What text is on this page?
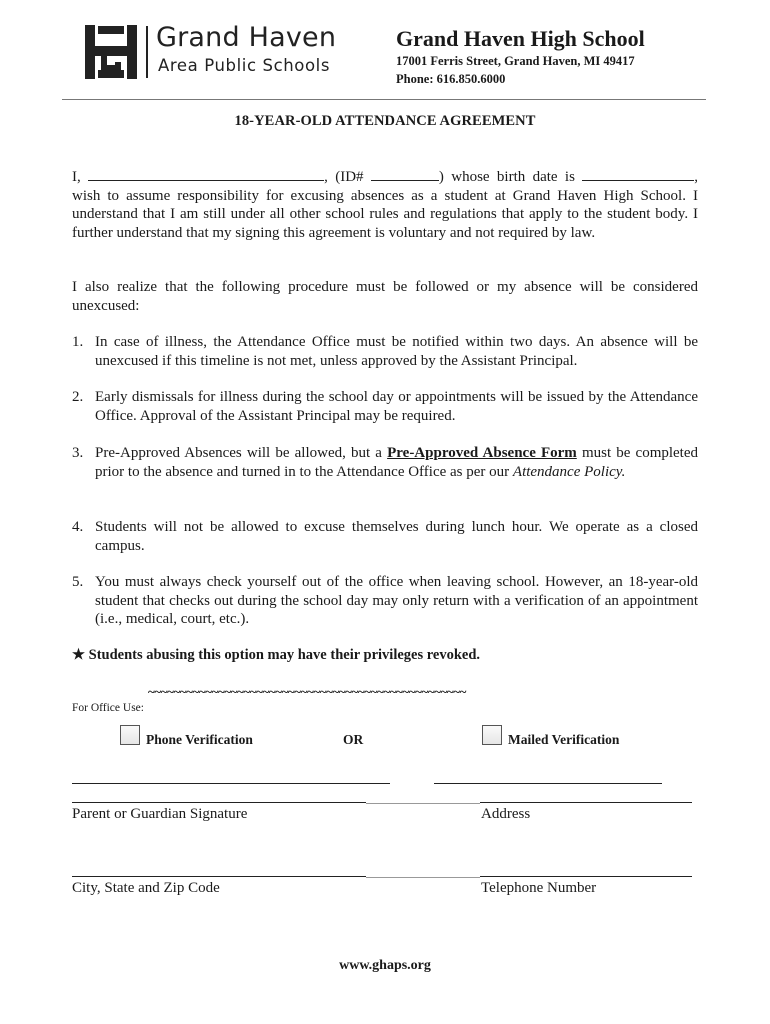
Grand Haven
Area Public Schools
Grand Haven High School
17001 Ferris Street, Grand Haven, MI 49417
Phone: 616.850.6000
18-YEAR-OLD ATTENDANCE AGREEMENT
I,	, (ID#	) whose birth date is	, wish to assume responsibility for excusing absences as a student at Grand Haven High School. I understand that I am still under all other school rules and regulations that apply to the student body. I further understand that my signing this agreement is voluntary and not required by law.
I also realize that the following procedure must be followed or my absence will be considered unexcused:
1. In case of illness, the Attendance Office must be notified within two days. An absence will be unexcused if this timeline is not met, unless approved by the Assistant Principal.
2. Early dismissals for illness during the school day or appointments will be issued by the Attendance Office. Approval of the Assistant Principal may be required.
3. Pre-Approved Absences will be allowed, but a Pre-Approved Absence Form must be completed prior to the absence and turned in to the Attendance Office as per our Attendance Policy.
4. Students will not be allowed to excuse themselves during lunch hour. We operate as a closed campus.
5. You must always check yourself out of the office when leaving school. However, an 18-year-old student that checks out during the school day may only return with a verification of an appointment (i.e., medical, court, etc.).
★ Students abusing this option may have their privileges revoked.
~~~~~~~~~~~~~~~~~~~~~~~~~~~~~~~~~~~~~~~~~~~~~~~~~~
For Office Use:
Phone Verification	OR	Mailed Verification
Parent or Guardian Signature	Address
City, State and Zip Code	Telephone Number
www.ghaps.org
